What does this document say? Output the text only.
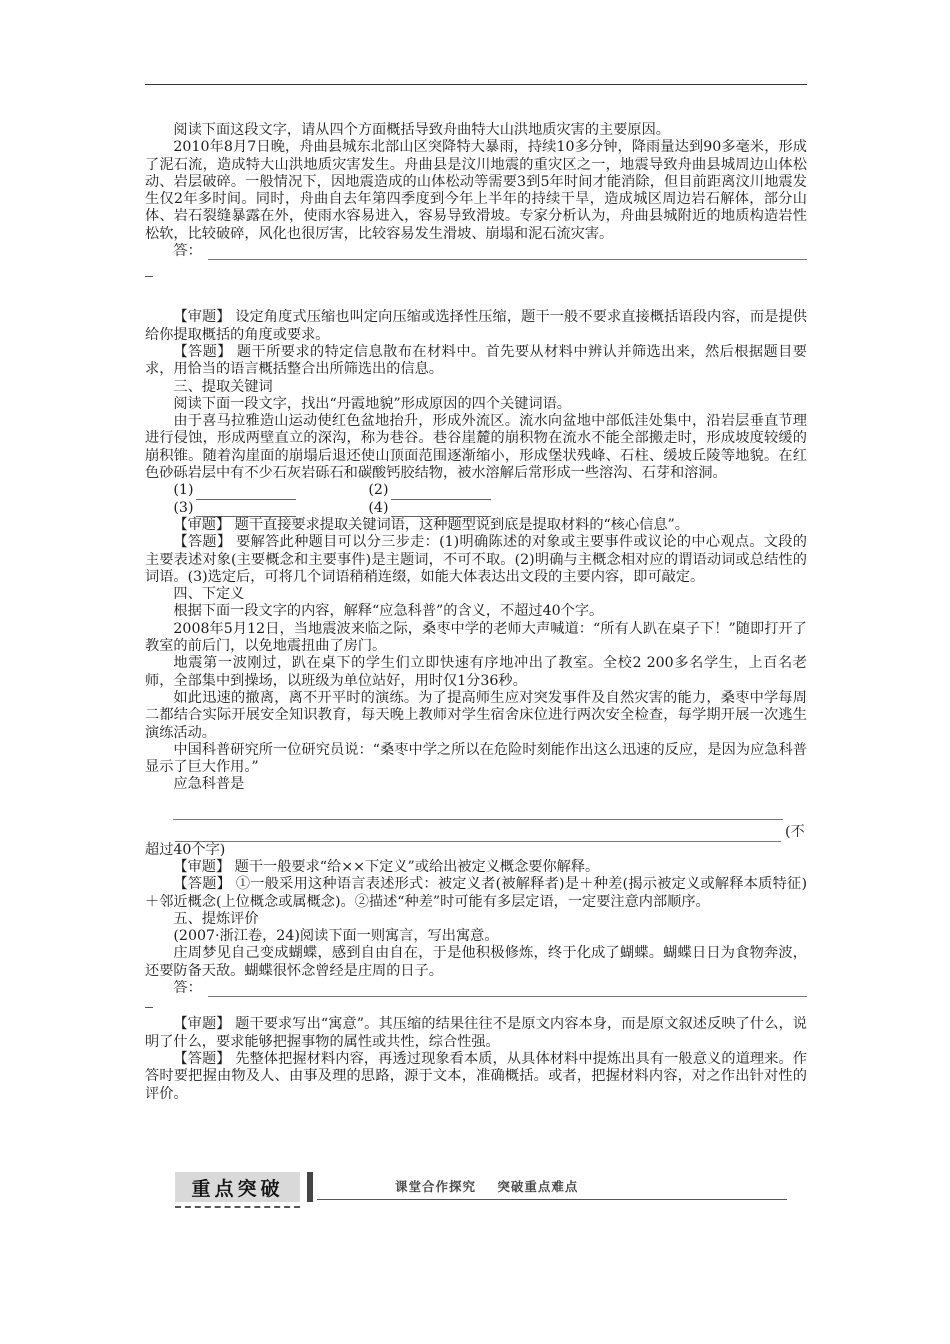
阅读下面这段文字，请从四个方面概括导致舟曲特大山洪地质灾害的主要原因。

2010年8月7日晚，舟曲县城东北部山区突降特大暴雨，持续10多分钟，降雨量达到90多毫米，形成了泥石流，造成特大山洪地质灾害发生。舟曲县是汶川地震的重灾区之一，地震导致舟曲县城周边山体松动、岩层破碎。一般情况下，因地震造成的山体松动等需要3到5年时间才能消除，但目前距离汶川地震发生仅2年多时间。同时，舟曲自去年第四季度到今年上半年的持续干旱，造成城区周边岩石解体，部分山体、岩石裂缝暴露在外，使雨水容易进入，容易导致滑坡。专家分析认为，舟曲县城附近的地质构造岩性松软，比较破碎，风化也很厉害，比较容易发生滑坡、崩塌和泥石流灾害。

答：

【审题】 设定角度式压缩也叫定向压缩或选择性压缩，题干一般不要求直接概括语段内容，而是提供给你提取概括的角度或要求。

【答题】 题干所要求的特定信息散布在材料中。首先要从材料中辨认并筛选出来，然后根据题目要求，用恰当的语言概括整合出所筛选出的信息。

三、提取关键词

阅读下面一段文字，找出“丹霞地貌”形成原因的四个关键词语。

由于喜马拉雅造山运动使红色盆地抬升，形成外流区。流水向盆地中部低洼处集中，沿岩层垂直节理进行侵蚀，形成两壁直立的深沟，称为巷谷。巷谷崖麓的崩积物在流水不能全部搬走时，形成坡度较缓的崩积锥。随着沟崖面的崩塌后退还使山顶面范围逐渐缩小，形成堡状残峰、石柱、缓坡丘陵等地貌。在红色砂砾岩层中有不少石灰岩砾石和碳酸钙胶结物，被水溶解后常形成一些溶沟、石芽和溶洞。

(1)	(2)
(3)	(4)

【审题】 题干直接要求提取关键词语，这种题型说到底是提取材料的“核心信息”。

【答题】 要解答此种题目可以分三步走：(1)明确陈述的对象或主要事件或议论的中心观点。文段的主要表述对象(主要概念和主要事件)是主题词，不可不取。(2)明确与主概念相对应的谓语动词或总结性的词语。(3)选定后，可将几个词语稍稍连缀，如能大体表达出文段的主要内容，即可敲定。

四、下定义

根据下面一段文字的内容，解释“应急科普”的含义，不超过40个字。

2008年5月12日，当地震波来临之际，桑枣中学的老师大声喊道：“所有人趴在桌子下！”随即打开了教室的前后门，以免地震扭曲了房门。

地震第一波刚过，趴在桌下的学生们立即快速有序地冲出了教室。全校2 200多名学生，上百名老师，全部集中到操场，以班级为单位站好，用时仅1分36秒。

如此迅速的撤离，离不开平时的演练。为了提高师生应对突发事件及自然灾害的能力，桑枣中学每周二都结合实际开展安全知识教育，每天晚上教师对学生宿舍床位进行两次安全检查，每学期开展一次逃生演练活动。

中国科普研究所一位研究员说：“桑枣中学之所以在危险时刻能作出这么迅速的反应，是因为应急科普显示了巨大作用。”

应急科普是

(不

超过40个字)

【审题】 题干一般要求“给××下定义”或给出被定义概念要你解释。

【答题】 ①一般采用这种语言表述形式：被定义者(被解释者)是＋种差(揭示被定义或解释本质特征)＋邻近概念(上位概念或属概念)。②描述“种差”时可能有多层定语，一定要注意内部顺序。

五、提炼评价

(2007·浙江卷，24)阅读下面一则寓言，写出寓意。

庄周梦见自己变成蝴蝶，感到自由自在，于是他积极修炼，终于化成了蝴蝶。蝴蝶日日为食物奔波，还要防备天敌。蝴蝶很怀念曾经是庄周的日子。

答：

【审题】 题干要求写出“寓意”。其压缩的结果往往不是原文内容本身，而是原文叙述反映了什么，说明了什么，要求能够把握事物的属性或共性，综合性强。

【答题】 先整体把握材料内容，再透过现象看本质，从具体材料中提炼出具有一般意义的道理来。作答时要把握由物及人、由事及理的思路，源于文本，准确概括。或者，把握材料内容，对之作出针对性的评价。

重点突破	课堂合作探究    突破重点难点
